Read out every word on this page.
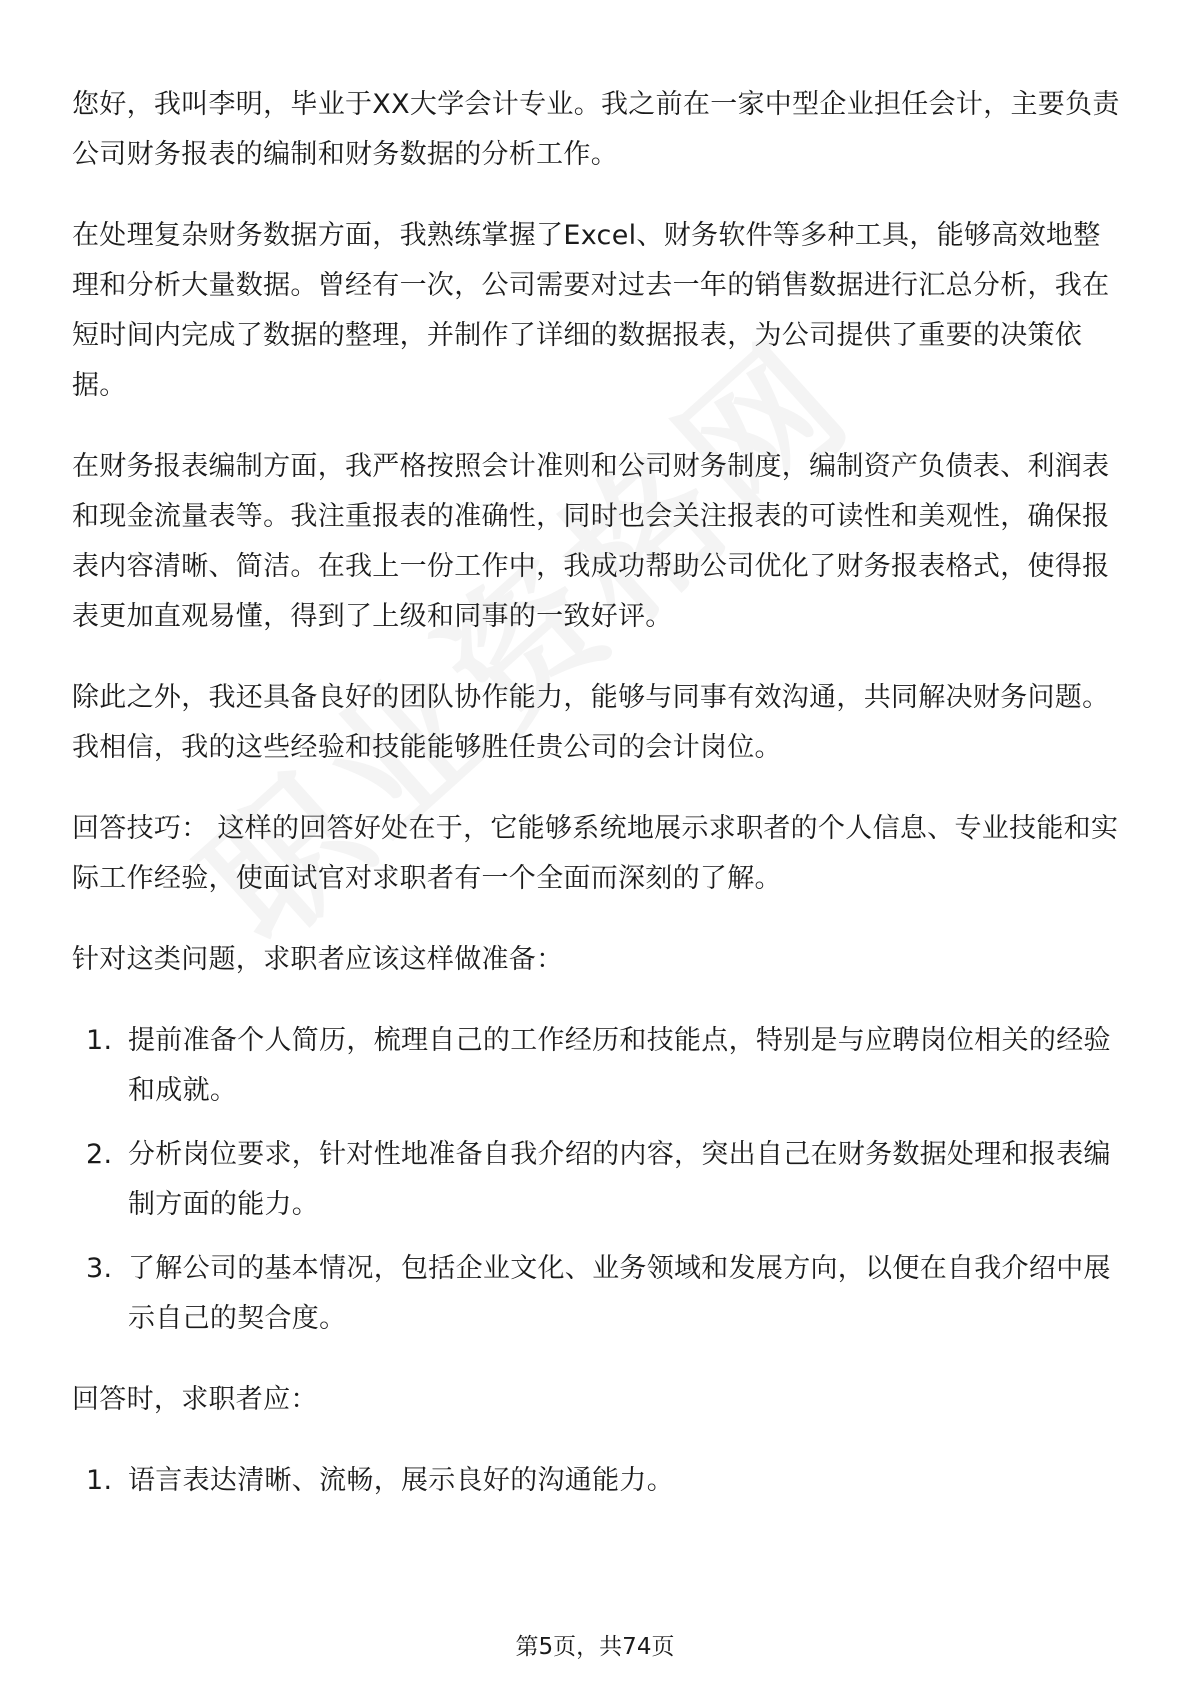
您好，我叫李明，毕业于XX大学会计专业。我之前在一家中型企业担任会计，主要负责公司财务报表的编制和财务数据的分析工作。

在处理复杂财务数据方面，我熟练掌握了Excel、财务软件等多种工具，能够高效地整理和分析大量数据。曾经有一次，公司需要对过去一年的销售数据进行汇总分析，我在短时间内完成了数据的整理，并制作了详细的数据报表，为公司提供了重要的决策依据。

在财务报表编制方面，我严格按照会计准则和公司财务制度，编制资产负债表、利润表和现金流量表等。我注重报表的准确性，同时也会关注报表的可读性和美观性，确保报表内容清晰、简洁。在我上一份工作中，我成功帮助公司优化了财务报表格式，使得报表更加直观易懂，得到了上级和同事的一致好评。

除此之外，我还具备良好的团队协作能力，能够与同事有效沟通，共同解决财务问题。我相信，我的这些经验和技能能够胜任贵公司的会计岗位。

回答技巧： 这样的回答好处在于，它能够系统地展示求职者的个人信息、专业技能和实际工作经验，使面试官对求职者有一个全面而深刻的了解。

针对这类问题，求职者应该这样做准备：

1. 提前准备个人简历，梳理自己的工作经历和技能点，特别是与应聘岗位相关的经验和成就。
2. 分析岗位要求，针对性地准备自我介绍的内容，突出自己在财务数据处理和报表编制方面的能力。
3. 了解公司的基本情况，包括企业文化、业务领域和发展方向，以便在自我介绍中展示自己的契合度。

回答时，求职者应：

1. 语言表达清晰、流畅，展示良好的沟通能力。
第5页，共74页
